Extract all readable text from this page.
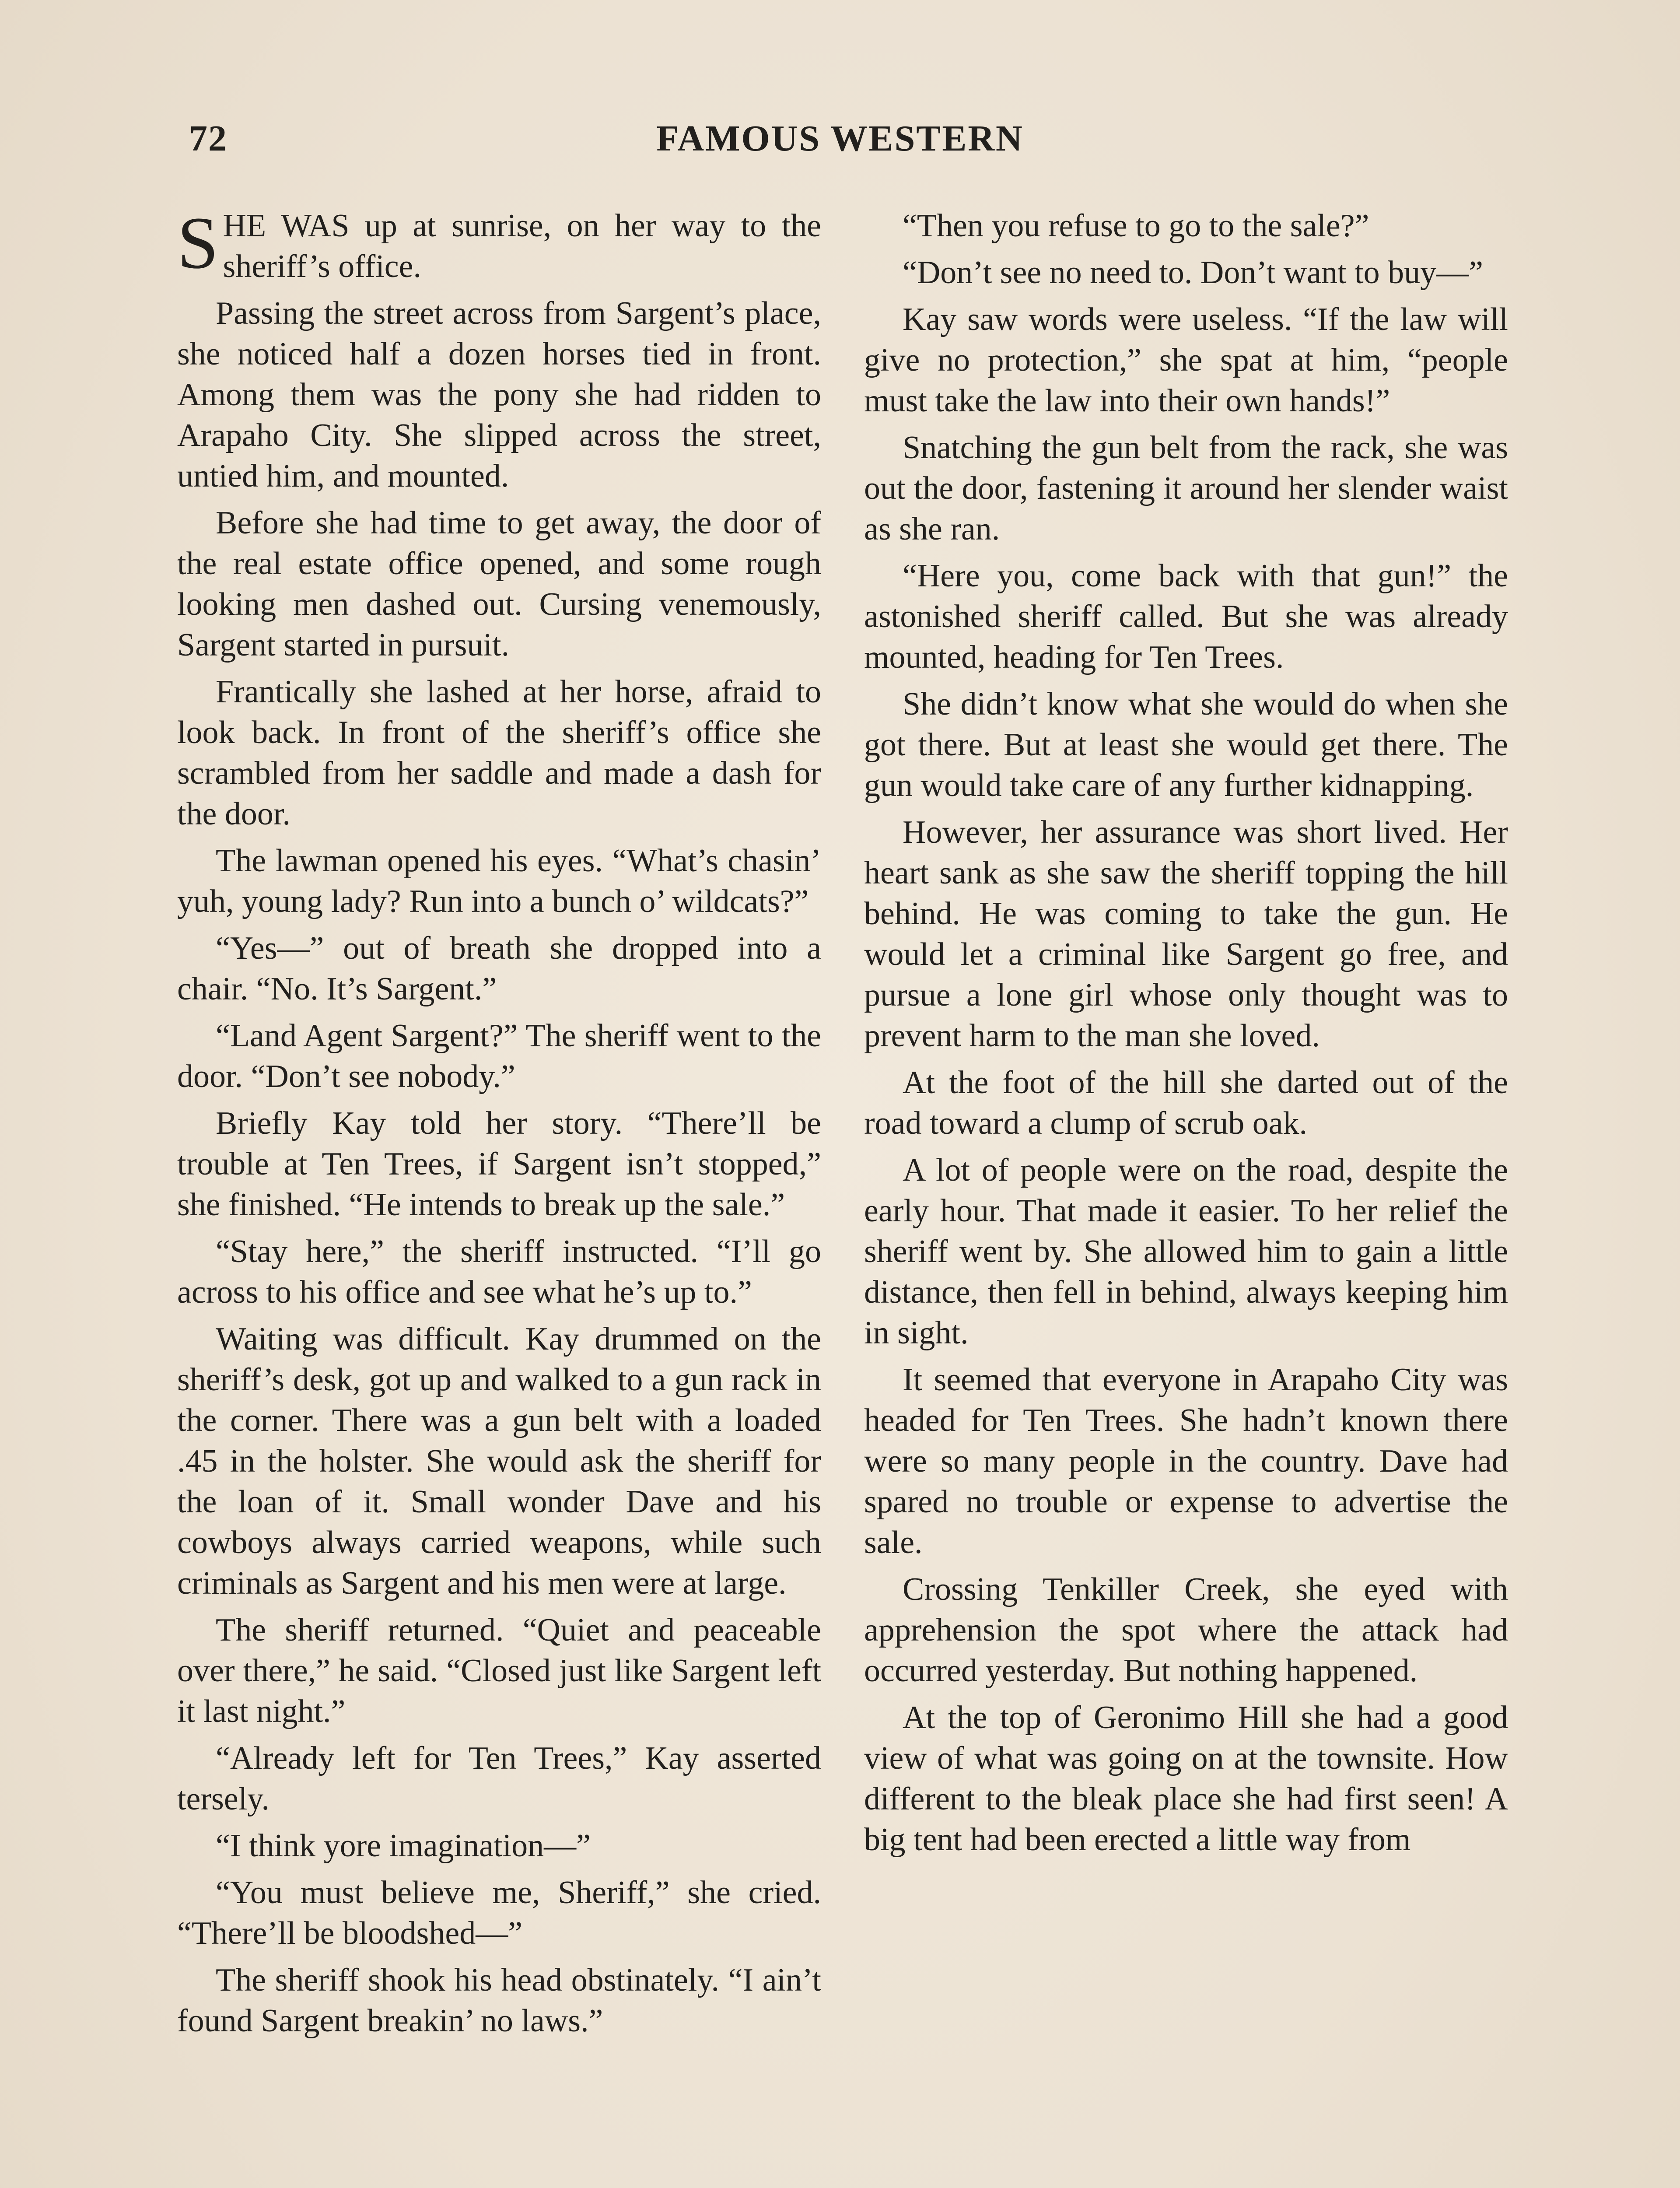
72	FAMOUS WESTERN

SHE WAS up at sunrise, on her way to the sheriff’s office.

Passing the street across from Sargent’s place, she noticed half a dozen horses tied in front. Among them was the pony she had ridden to Arapaho City. She slipped across the street, untied him, and mounted.

Before she had time to get away, the door of the real estate office opened, and some rough looking men dashed out. Cursing venemously, Sargent started in pursuit.

Frantically she lashed at her horse, afraid to look back. In front of the sheriff’s office she scrambled from her saddle and made a dash for the door.

The lawman opened his eyes. “What’s chasin’ yuh, young lady? Run into a bunch o’ wildcats?”

“Yes—” out of breath she dropped into a chair. “No. It’s Sargent.”

“Land Agent Sargent?” The sheriff went to the door. “Don’t see nobody.”

Briefly Kay told her story. “There’ll be trouble at Ten Trees, if Sargent isn’t stopped,” she finished. “He intends to break up the sale.”

“Stay here,” the sheriff instructed. “I’ll go across to his office and see what he’s up to.”

Waiting was difficult. Kay drummed on the sheriff’s desk, got up and walked to a gun rack in the corner. There was a gun belt with a loaded .45 in the holster. She would ask the sheriff for the loan of it. Small wonder Dave and his cowboys always carried weapons, while such criminals as Sargent and his men were at large.

The sheriff returned. “Quiet and peaceable over there,” he said. “Closed just like Sargent left it last night.”

“Already left for Ten Trees,” Kay asserted tersely.

“I think yore imagination—”

“You must believe me, Sheriff,” she cried. “There’ll be bloodshed—”

The sheriff shook his head obstinately. “I ain’t found Sargent breakin’ no laws.”

“Then you refuse to go to the sale?”

“Don’t see no need to. Don’t want to buy—”

Kay saw words were useless. “If the law will give no protection,” she spat at him, “people must take the law into their own hands!”

Snatching the gun belt from the rack, she was out the door, fastening it around her slender waist as she ran.

“Here you, come back with that gun!” the astonished sheriff called. But she was already mounted, heading for Ten Trees.

She didn’t know what she would do when she got there. But at least she would get there. The gun would take care of any further kidnapping.

However, her assurance was short lived. Her heart sank as she saw the sheriff topping the hill behind. He was coming to take the gun. He would let a criminal like Sargent go free, and pursue a lone girl whose only thought was to prevent harm to the man she loved.

At the foot of the hill she darted out of the road toward a clump of scrub oak.

A lot of people were on the road, despite the early hour. That made it easier. To her relief the sheriff went by. She allowed him to gain a little distance, then fell in behind, always keeping him in sight.

It seemed that everyone in Arapaho City was headed for Ten Trees. She hadn’t known there were so many people in the country. Dave had spared no trouble or expense to advertise the sale.

Crossing Tenkiller Creek, she eyed with apprehension the spot where the attack had occurred yesterday. But nothing happened.

At the top of Geronimo Hill she had a good view of what was going on at the townsite. How different to the bleak place she had first seen! A big tent had been erected a little way from
